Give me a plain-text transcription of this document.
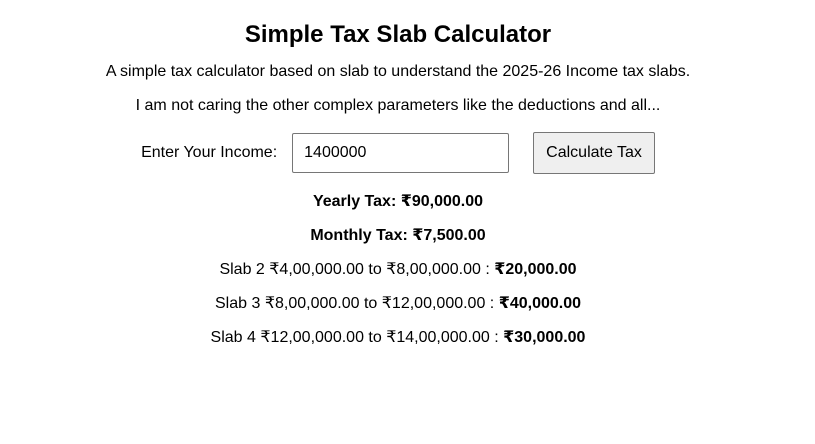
Simple Tax Slab Calculator

A simple tax calculator based on slab to understand the 2025-26 Income tax slabs.

I am not caring the other complex parameters like the deductions and all...

Enter Your Income:
1400000	Calculate Tax

Yearly Tax: ₹90,000.00

Monthly Tax: ₹7,500.00

Slab 2 ₹4,00,000.00 to ₹8,00,000.00 : ₹20,000.00

Slab 3 ₹8,00,000.00 to ₹12,00,000.00 : ₹40,000.00

Slab 4 ₹12,00,000.00 to ₹14,00,000.00 : ₹30,000.00
